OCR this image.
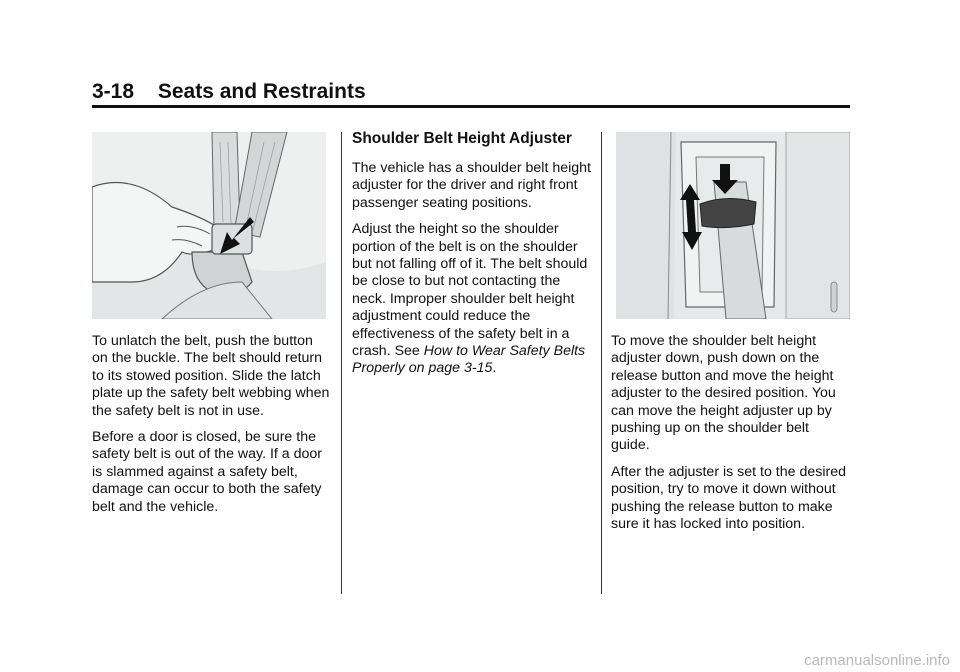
3-18 Seats and Restraints

To unlatch the belt, push the button on the buckle. The belt should return to its stowed position. Slide the latch plate up the safety belt webbing when the safety belt is not in use.

Before a door is closed, be sure the safety belt is out of the way. If a door is slammed against a safety belt, damage can occur to both the safety belt and the vehicle.

Shoulder Belt Height Adjuster

The vehicle has a shoulder belt height adjuster for the driver and right front passenger seating positions.

Adjust the height so the shoulder portion of the belt is on the shoulder but not falling off of it. The belt should be close to but not contacting the neck. Improper shoulder belt height adjustment could reduce the effectiveness of the safety belt in a crash. See How to Wear Safety Belts Properly on page 3-15.

To move the shoulder belt height adjuster down, push down on the release button and move the height adjuster to the desired position. You can move the height adjuster up by pushing up on the shoulder belt guide.

After the adjuster is set to the desired position, try to move it down without pushing the release button to make sure it has locked into position.

carmanualsonline.info
